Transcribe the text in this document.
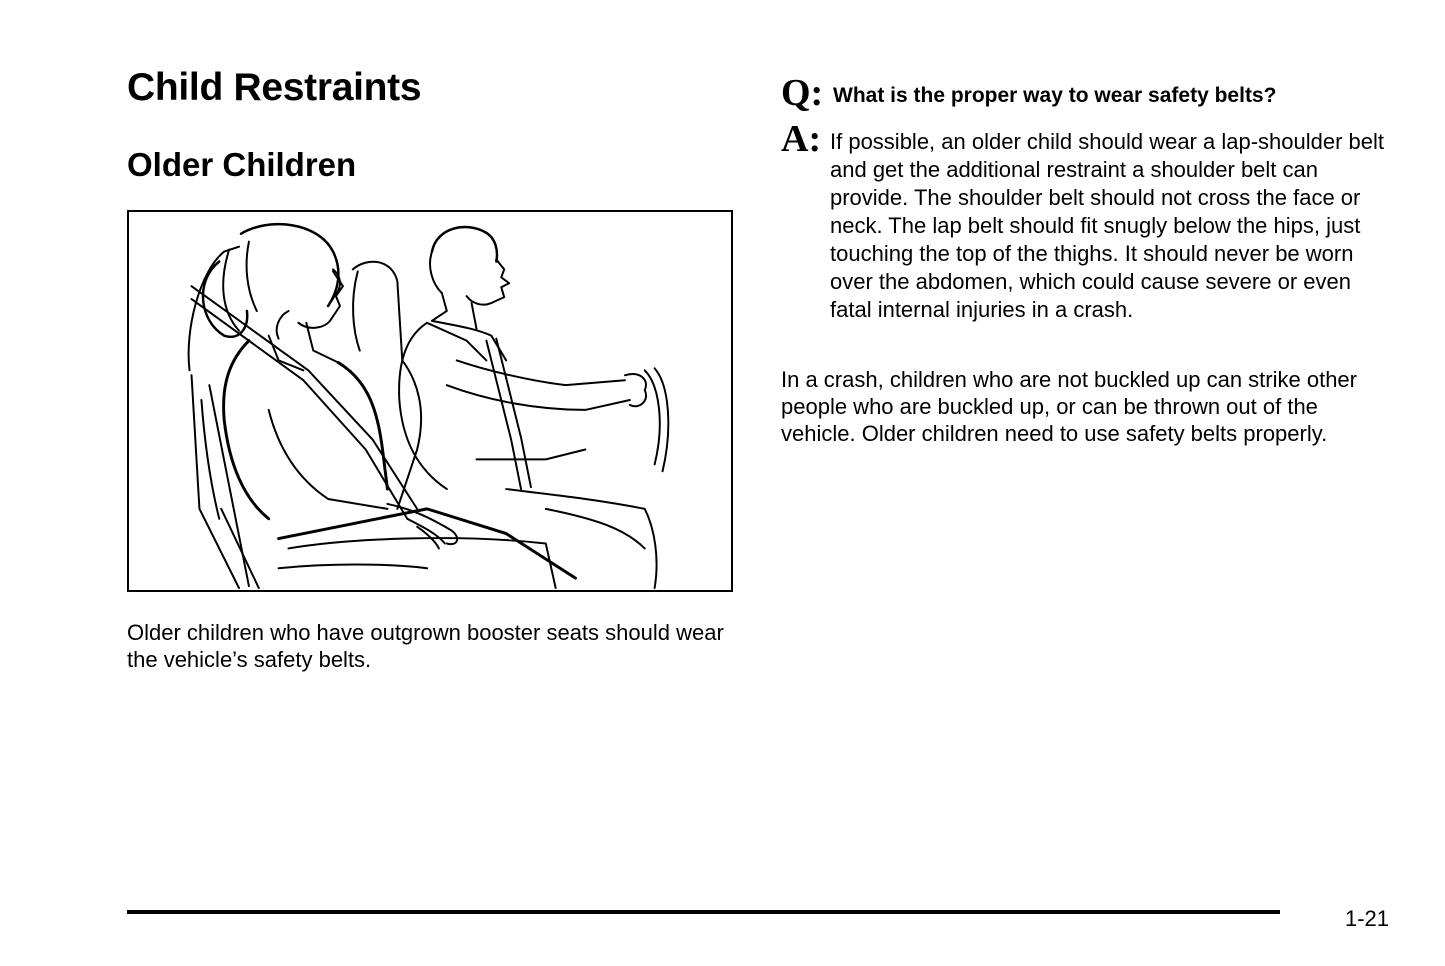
Child Restraints
Older Children

Older children who have outgrown booster seats should wear the vehicle’s safety belts.

Q: What is the proper way to wear safety belts?

A: If possible, an older child should wear a lap-shoulder belt and get the additional restraint a shoulder belt can provide. The shoulder belt should not cross the face or neck. The lap belt should fit snugly below the hips, just touching the top of the thighs. It should never be worn over the abdomen, which could cause severe or even fatal internal injuries in a crash.

In a crash, children who are not buckled up can strike other people who are buckled up, or can be thrown out of the vehicle. Older children need to use safety belts properly.

1-21
